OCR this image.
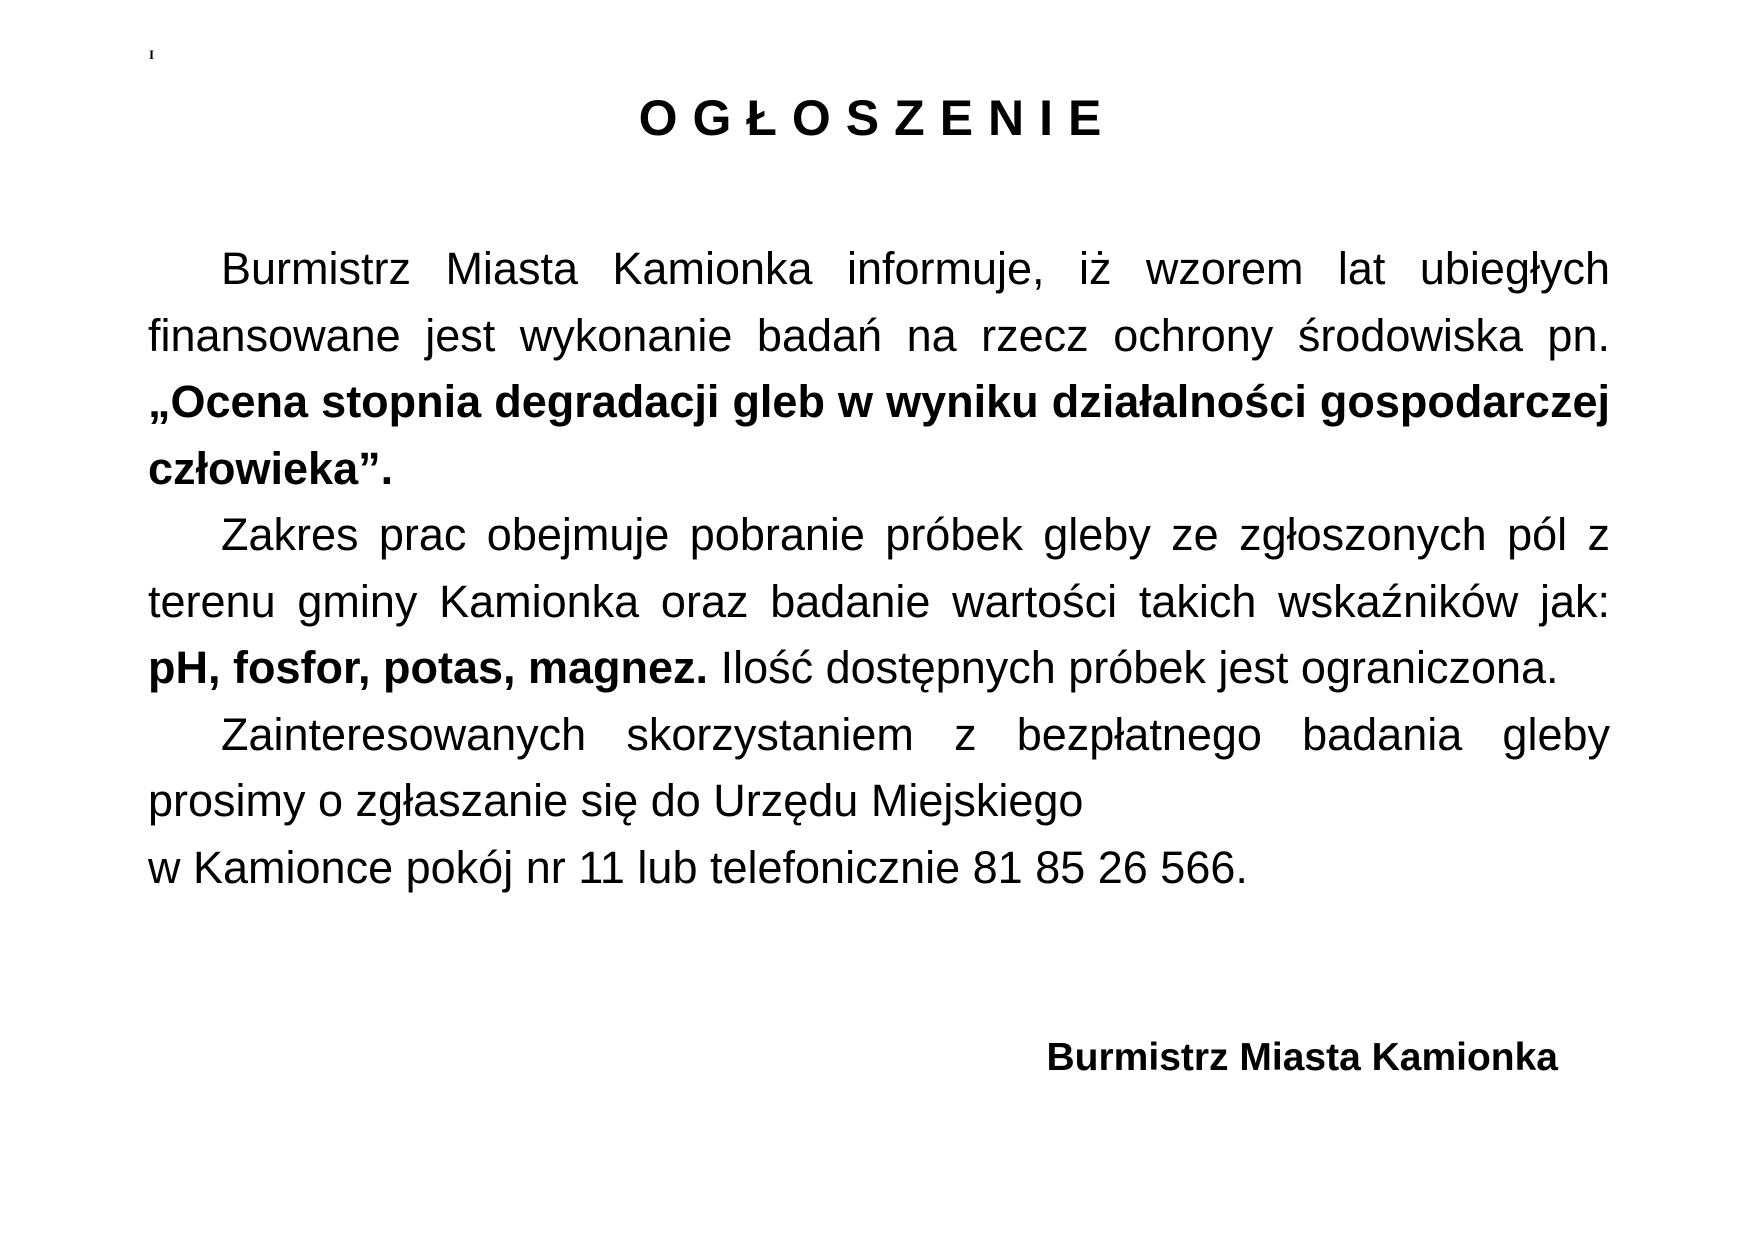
I
OGŁOSZENIE

Burmistrz Miasta Kamionka informuje, iż wzorem lat ubiegłych finansowane jest wykonanie badań na rzecz ochrony środowiska pn. „Ocena stopnia degradacji gleb w wyniku działalności gospodarczej człowieka”.

Zakres prac obejmuje pobranie próbek gleby ze zgłoszonych pól z terenu gminy Kamionka oraz badanie wartości takich wskaźników jak: pH, fosfor, potas, magnez. Ilość dostępnych próbek jest ograniczona.

Zainteresowanych skorzystaniem z bezpłatnego badania gleby prosimy o zgłaszanie się do Urzędu Miejskiego
w Kamionce pokój nr 11 lub telefonicznie 81 85 26 566.

Burmistrz Miasta Kamionka
